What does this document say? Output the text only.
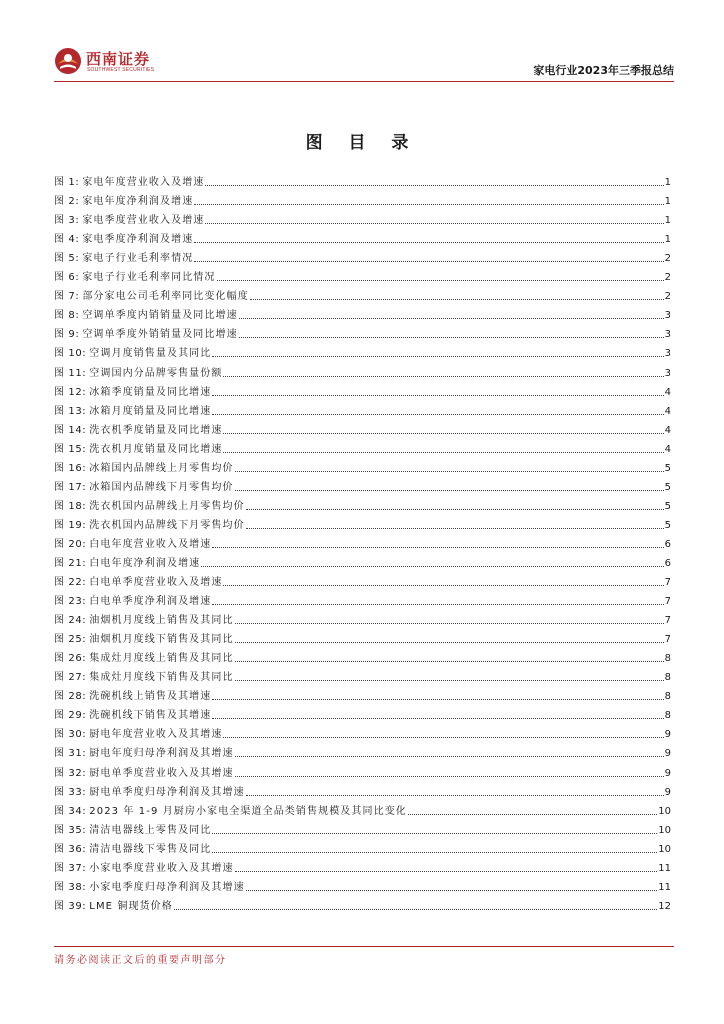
西南证券
SOUTHWEST SECURITIES	家电行业2023年三季报总结
图 目 录
图 1: 家电年度营业收入及增速	1
图 2: 家电年度净利润及增速	1
图 3: 家电季度营业收入及增速	1
图 4: 家电季度净利润及增速	1
图 5: 家电子行业毛利率情况	2
图 6: 家电子行业毛利率同比情况	2
图 7: 部分家电公司毛利率同比变化幅度	2
图 8: 空调单季度内销销量及同比增速	3
图 9: 空调单季度外销销量及同比增速	3
图 10: 空调月度销售量及其同比	3
图 11: 空调国内分品牌零售量份额	3
图 12: 冰箱季度销量及同比增速	4
图 13: 冰箱月度销量及同比增速	4
图 14: 洗衣机季度销量及同比增速	4
图 15: 洗衣机月度销量及同比增速	4
图 16: 冰箱国内品牌线上月零售均价	5
图 17: 冰箱国内品牌线下月零售均价	5
图 18: 洗衣机国内品牌线上月零售均价	5
图 19: 洗衣机国内品牌线下月零售均价	5
图 20: 白电年度营业收入及增速	6
图 21: 白电年度净利润及增速	6
图 22: 白电单季度营业收入及增速	7
图 23: 白电单季度净利润及增速	7
图 24: 油烟机月度线上销售及其同比	7
图 25: 油烟机月度线下销售及其同比	7
图 26: 集成灶月度线上销售及其同比	8
图 27: 集成灶月度线下销售及其同比	8
图 28: 洗碗机线上销售及其增速	8
图 29: 洗碗机线下销售及其增速	8
图 30: 厨电年度营业收入及其增速	9
图 31: 厨电年度归母净利润及其增速	9
图 32: 厨电单季度营业收入及其增速	9
图 33: 厨电单季度归母净利润及其增速	9
图 34: 2023 年 1-9 月厨房小家电全渠道全品类销售规模及其同比变化	10
图 35: 清洁电器线上零售及同比	10
图 36: 清洁电器线下零售及同比	10
图 37: 小家电季度营业收入及其增速	11
图 38: 小家电季度归母净利润及其增速	11
图 39: LME 铜现货价格	12
请务必阅读正文后的重要声明部分
